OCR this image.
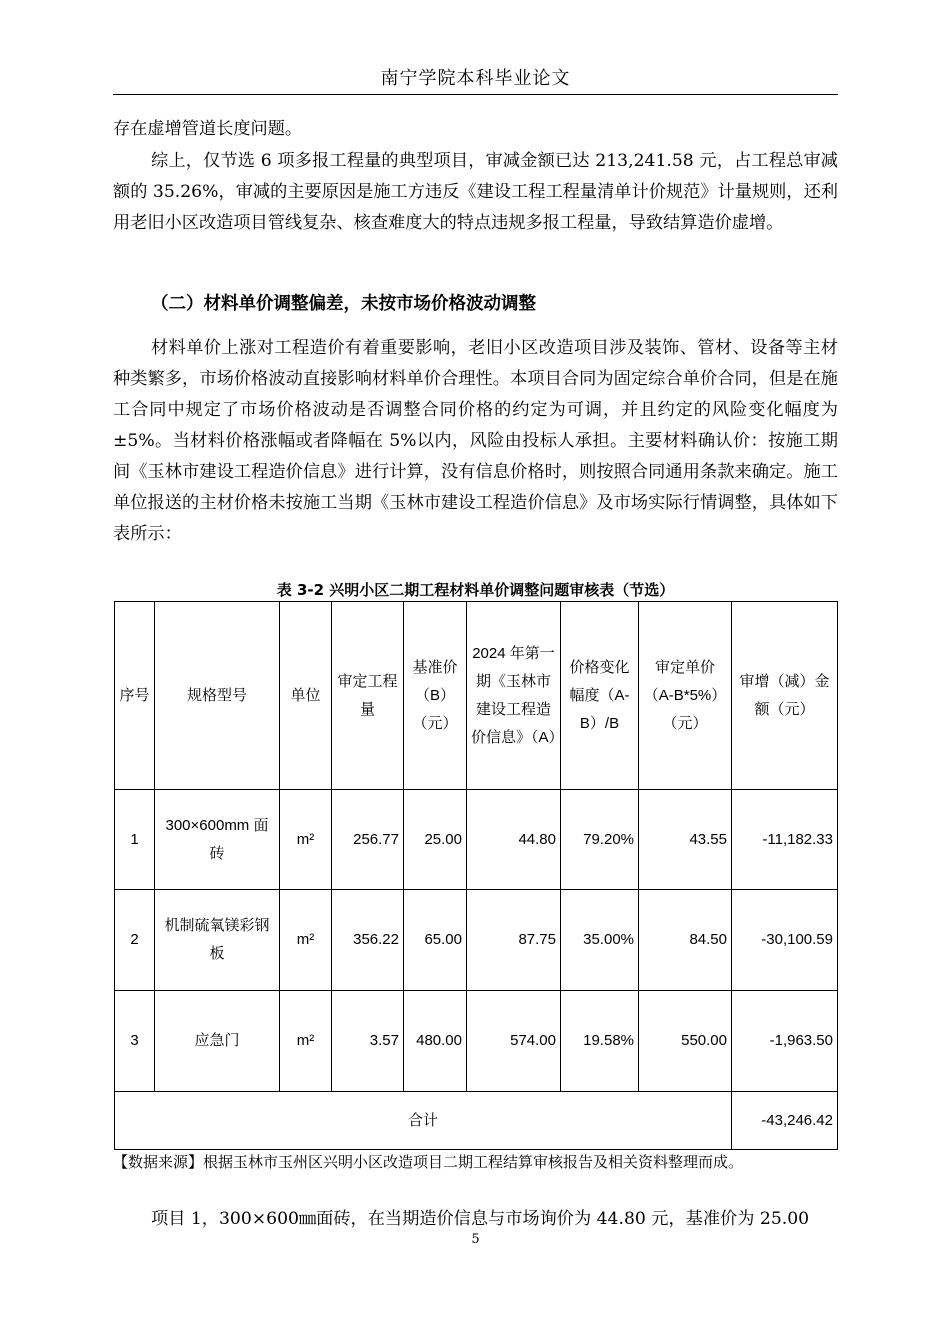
南宁学院本科毕业论文

存在虚增管道长度问题。

综上，仅节选 6 项多报工程量的典型项目，审减金额已达 213,241.58 元，占工程总审减额的 35.26%，审减的主要原因是施工方违反《建设工程工程量清单计价规范》计量规则，还利用老旧小区改造项目管线复杂、核查难度大的特点违规多报工程量，导致结算造价虚增。

（二）材料单价调整偏差，未按市场价格波动调整

材料单价上涨对工程造价有着重要影响，老旧小区改造项目涉及装饰、管材、设备等主材种类繁多，市场价格波动直接影响材料单价合理性。本项目合同为固定综合单价合同，但是在施工合同中规定了市场价格波动是否调整合同价格的约定为可调，并且约定的风险变化幅度为±5%。当材料价格涨幅或者降幅在 5%以内，风险由投标人承担。主要材料确认价：按施工期间《玉林市建设工程造价信息》进行计算，没有信息价格时，则按照合同通用条款来确定。施工单位报送的主材价格未按施工当期《玉林市建设工程造价信息》及市场实际行情调整，具体如下表所示：

表 3-2 兴明小区二期工程材料单价调整问题审核表（节选）
序号	规格型号	单位	审定工程量	基准价（B）（元）	2024 年第一期《玉林市建设工程造价信息》（A）	价格变化幅度（A-B）/B	审定单价（A-B*5%）（元）	审增（减）金额（元）
1	300×600mm 面砖	m²	256.77	25.00	44.80	79.20%	43.55	-11,182.33
2	机制硫氧镁彩钢板	m²	356.22	65.00	87.75	35.00%	84.50	-30,100.59
3	应急门	m²	3.57	480.00	574.00	19.58%	550.00	-1,963.50
合计								-43,246.42

【数据来源】根据玉林市玉州区兴明小区改造项目二期工程结算审核报告及相关资料整理而成。

项目 1，300×600㎜面砖，在当期造价信息与市场询价为 44.80 元，基准价为 25.00

5
